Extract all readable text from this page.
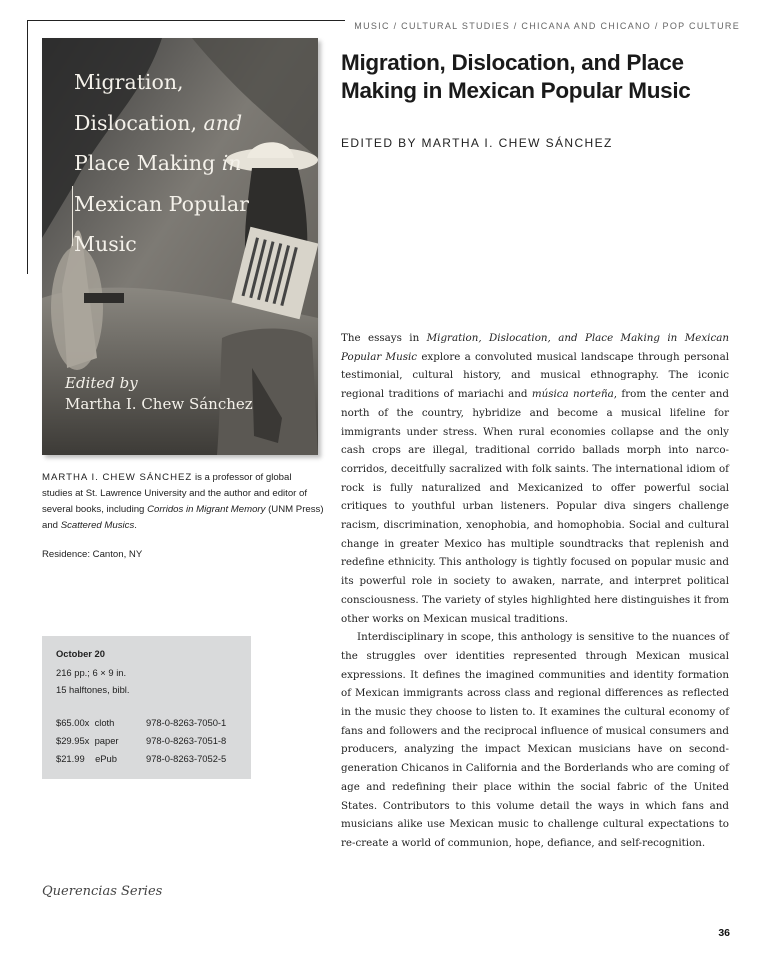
MUSIC / CULTURAL STUDIES / CHICANA AND CHICANO / POP CULTURE
Migration, Dislocation, and Place
Making in Mexican Popular Music
EDITED BY MARTHA I. CHEW SÁNCHEZ
Migration,
Dislocation, and
Place Making in
Mexican Popular
Music
Edited by
Martha I. Chew Sánchez
MARTHA I. CHEW SÁNCHEZ is a professor of global studies at St. Lawrence University and the author and editor of several books, including Corridos in Migrant Memory (UNM Press) and Scattered Musics.
Residence: Canton, NY
October 20
216 pp.; 6 × 9 in.
15 halftones, bibl.
$65.00x  cloth	978-0-8263-7050-1
$29.95x  paper	978-0-8263-7051-8
$21.99    ePub	978-0-8263-7052-5
Querencias Series

The essays in Migration, Dislocation, and Place Making in Mexican Popular Music explore a convoluted musical landscape through personal testimonial, cultural history, and musical ethnography. The iconic regional traditions of mariachi and música norteña, from the center and north of the country, hybridize and become a musical lifeline for immigrants under stress. When rural economies collapse and the only cash crops are illegal, traditional corrido ballads morph into narco-corridos, deceitfully sacralized with folk saints. The international idiom of rock is fully naturalized and Mexicanized to offer powerful social critiques to youthful urban listeners. Popular diva singers challenge racism, discrimination, xenophobia, and homophobia. Social and cultural change in greater Mexico has multiple soundtracks that replenish and redefine ethnicity. This anthology is tightly focused on popular music and its powerful role in society to awaken, narrate, and interpret political consciousness. The variety of styles highlighted here distinguishes it from other works on Mexican musical traditions.

Interdisciplinary in scope, this anthology is sensitive to the nuances of the struggles over identities represented through Mexican musical expressions. It defines the imagined communities and identity formation of Mexican immigrants across class and regional differences as reflected in the music they choose to listen to. It examines the cultural economy of fans and followers and the reciprocal influence of musical consumers and producers, analyzing the impact Mexican musicians have on second-generation Chicanos in California and the Borderlands who are coming of age and redefining their place within the social fabric of the United States. Contributors to this volume detail the ways in which fans and musicians alike use Mexican music to challenge cultural expectations to re-create a world of communion, hope, defiance, and self-recognition.

36
